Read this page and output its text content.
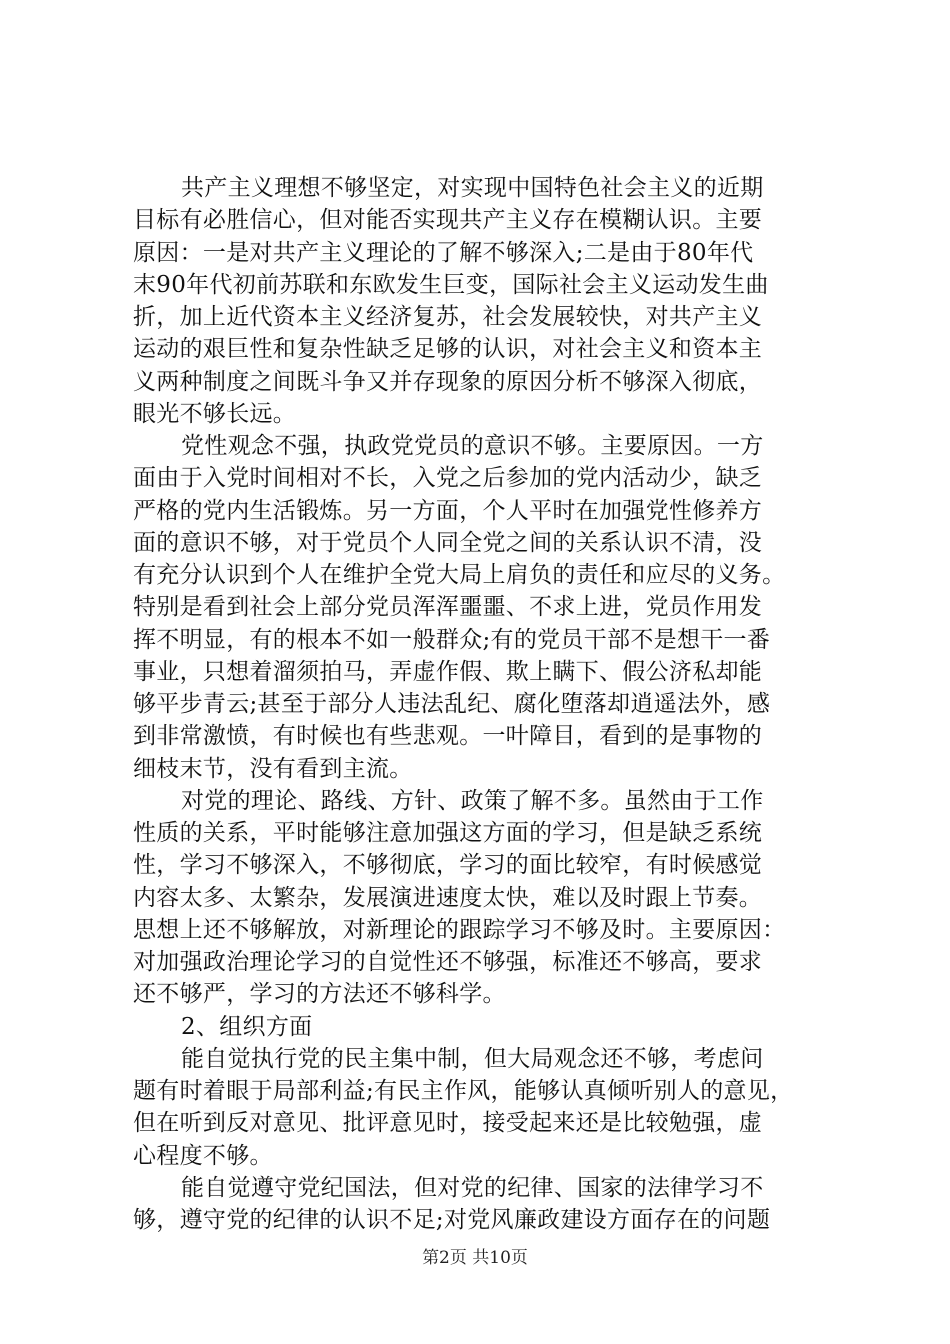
共产主义理想不够坚定，对实现中国特色社会主义的近期
目标有必胜信心，但对能否实现共产主义存在模糊认识。主要
原因：一是对共产主义理论的了解不够深入;二是由于80年代
末90年代初前苏联和东欧发生巨变，国际社会主义运动发生曲
折，加上近代资本主义经济复苏，社会发展较快，对共产主义
运动的艰巨性和复杂性缺乏足够的认识，对社会主义和资本主
义两种制度之间既斗争又并存现象的原因分析不够深入彻底，
眼光不够长远。
党性观念不强，执政党党员的意识不够。主要原因。一方
面由于入党时间相对不长，入党之后参加的党内活动少，缺乏
严格的党内生活锻炼。另一方面，个人平时在加强党性修养方
面的意识不够，对于党员个人同全党之间的关系认识不清，没
有充分认识到个人在维护全党大局上肩负的责任和应尽的义务。
特别是看到社会上部分党员浑浑噩噩、不求上进，党员作用发
挥不明显，有的根本不如一般群众;有的党员干部不是想干一番
事业，只想着溜须拍马，弄虚作假、欺上瞒下、假公济私却能
够平步青云;甚至于部分人违法乱纪、腐化堕落却逍遥法外，感
到非常激愤，有时候也有些悲观。一叶障目，看到的是事物的
细枝末节，没有看到主流。
对党的理论、路线、方针、政策了解不多。虽然由于工作
性质的关系，平时能够注意加强这方面的学习，但是缺乏系统
性，学习不够深入，不够彻底，学习的面比较窄，有时候感觉
内容太多、太繁杂，发展演进速度太快，难以及时跟上节奏。
思想上还不够解放，对新理论的跟踪学习不够及时。主要原因：
对加强政治理论学习的自觉性还不够强，标准还不够高，要求
还不够严，学习的方法还不够科学。
2、组织方面
能自觉执行党的民主集中制，但大局观念还不够，考虑问
题有时着眼于局部利益;有民主作风，能够认真倾听别人的意见，
但在听到反对意见、批评意见时，接受起来还是比较勉强，虚
心程度不够。
能自觉遵守党纪国法，但对党的纪律、国家的法律学习不
够，遵守党的纪律的认识不足;对党风廉政建设方面存在的问题
第2页 共10页
